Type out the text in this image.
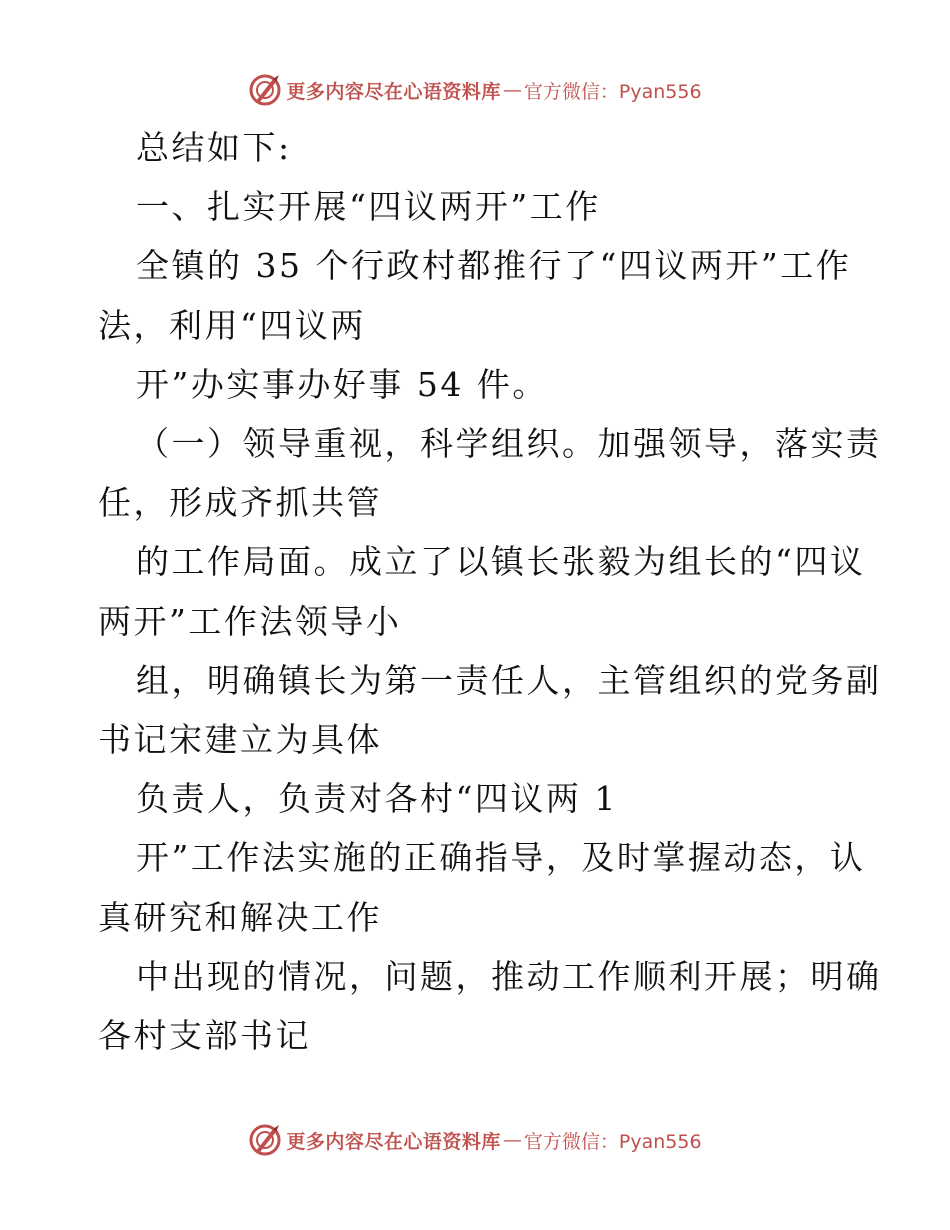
更多内容尽在心语资料库 — 官方微信：Pyan556

总结如下:

一、扎实开展“四议两开”工作

全镇的 35 个行政村都推行了“四议两开”工作

法，利用“四议两

开”办实事办好事 54 件。

（一）领导重视，科学组织。加强领导，落实责

任，形成齐抓共管

的工作局面。成立了以镇长张毅为组长的“四议

两开”工作法领导小

组，明确镇长为第一责任人，主管组织的党务副

书记宋建立为具体

负责人，负责对各村“四议两 1

开”工作法实施的正确指导，及时掌握动态，认

真研究和解决工作

中出现的情况，问题，推动工作顺利开展；明确

各村支部书记

更多内容尽在心语资料库 — 官方微信：Pyan556
